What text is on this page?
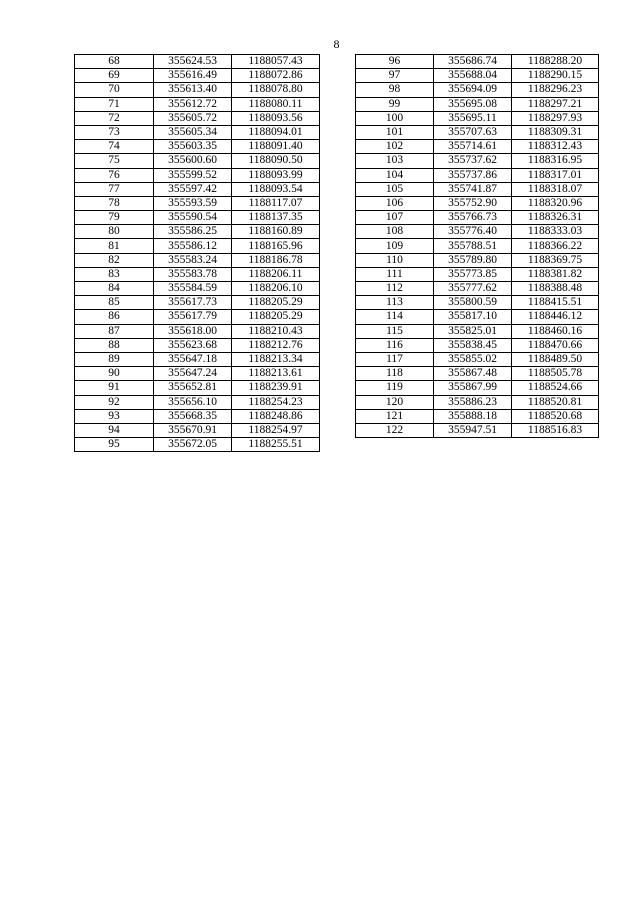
8
68	355624.53	1188057.43
69	355616.49	1188072.86
70	355613.40	1188078.80
71	355612.72	1188080.11
72	355605.72	1188093.56
73	355605.34	1188094.01
74	355603.35	1188091.40
75	355600.60	1188090.50
76	355599.52	1188093.99
77	355597.42	1188093.54
78	355593.59	1188117.07
79	355590.54	1188137.35
80	355586.25	1188160.89
81	355586.12	1188165.96
82	355583.24	1188186.78
83	355583.78	1188206.11
84	355584.59	1188206.10
85	355617.73	1188205.29
86	355617.79	1188205.29
87	355618.00	1188210.43
88	355623.68	1188212.76
89	355647.18	1188213.34
90	355647.24	1188213.61
91	355652.81	1188239.91
92	355656.10	1188254.23
93	355668.35	1188248.86
94	355670.91	1188254.97
95	355672.05	1188255.51
96	355686.74	1188288.20
97	355688.04	1188290.15
98	355694.09	1188296.23
99	355695.08	1188297.21
100	355695.11	1188297.93
101	355707.63	1188309.31
102	355714.61	1188312.43
103	355737.62	1188316.95
104	355737.86	1188317.01
105	355741.87	1188318.07
106	355752.90	1188320.96
107	355766.73	1188326.31
108	355776.40	1188333.03
109	355788.51	1188366.22
110	355789.80	1188369.75
111	355773.85	1188381.82
112	355777.62	1188388.48
113	355800.59	1188415.51
114	355817.10	1188446.12
115	355825.01	1188460.16
116	355838.45	1188470.66
117	355855.02	1188489.50
118	355867.48	1188505.78
119	355867.99	1188524.66
120	355886.23	1188520.81
121	355888.18	1188520.68
122	355947.51	1188516.83
